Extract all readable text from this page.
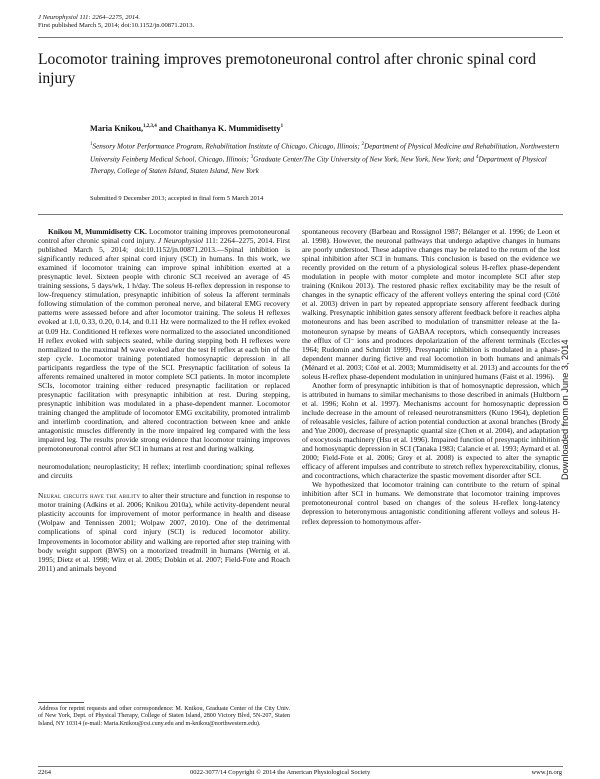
J Neurophysiol 111: 2264–2275, 2014.
First published March 5, 2014; doi:10.1152/jn.00871.2013.
Locomotor training improves premotoneuronal control after chronic spinal cord injury
Maria Knikou,$^{1,2,3,4}$ and Chaithanya K. Mummidisetty$^1$
$^1$Sensory Motor Performance Program, Rehabilitation Institute of Chicago, Chicago, Illinois; $^2$Department of Physical Medicine and Rehabilitation, Northwestern University Feinberg Medical School, Chicago, Illinois; $^3$Graduate Center/The City University of New York, New York, New York; and $^4$Department of Physical Therapy, College of Staten Island, Staten Island, New York
Submitted 9 December 2013; accepted in final form 5 March 2014

Knikou M, Mummidisetty CK. Locomotor training improves premotoneuronal control after chronic spinal cord injury. J Neurophysiol 111: 2264–2275, 2014. First published March 5, 2014; doi:10.1152/jn.00871.2013.—Spinal inhibition is significantly reduced after spinal cord injury (SCI) in humans. In this work, we examined if locomotor training can improve spinal inhibition exerted at a presynaptic level. Sixteen people with chronic SCI received an average of 45 training sessions, 5 days/wk, 1 h/day. The soleus H-reflex depression in response to low-frequency stimulation, presynaptic inhibition of soleus Ia afferent terminals following stimulation of the common peroneal nerve, and bilateral EMG recovery patterns were assessed before and after locomotor training. The soleus H reflexes evoked at 1.0, 0.33, 0.20, 0.14, and 0.11 Hz were normalized to the H reflex evoked at 0.09 Hz. Conditioned H reflexes were normalized to the associated unconditioned H reflex evoked with subjects seated, while during stepping both H reflexes were normalized to the maximal M wave evoked after the test H reflex at each bin of the step cycle. Locomotor training potentiated homosynaptic depression in all participants regardless the type of the SCI. Presynaptic facilitation of soleus Ia afferents remained unaltered in motor complete SCI patients. In motor incomplete SCIs, locomotor training either reduced presynaptic facilitation or replaced presynaptic facilitation with presynaptic inhibition at rest. During stepping, presynaptic inhibition was modulated in a phase-dependent manner. Locomotor training changed the amplitude of locomotor EMG excitability, promoted intralimb and interlimb coordination, and altered cocontraction between knee and ankle antagonistic muscles differently in the more impaired leg compared with the less impaired leg. The results provide strong evidence that locomotor training improves premotoneuronal control after SCI in humans at rest and during walking.

neuromodulation; neuroplasticity; H reflex; interlimb coordination; spinal reflexes and circuits

Neural circuits have the ability to alter their structure and function in response to motor training (Adkins et al. 2006; Knikou 2010a), while activity-dependent neural plasticity accounts for improvement of motor performance in health and disease (Wolpaw and Tennissen 2001; Wolpaw 2007, 2010). One of the detrimental complications of spinal cord injury (SCI) is reduced locomotor ability. Improvements in locomotor ability and walking are reported after step training with body weight support (BWS) on a motorized treadmill in humans (Wernig et al. 1995; Dietz et al. 1998; Wirz et al. 2005; Dobkin et al. 2007; Field-Fote and Roach 2011) and animals beyond

Address for reprint requests and other correspondence: M. Knikou, Graduate Center of the City Univ. of New York, Dept. of Physical Therapy, College of Staten Island, 2800 Victory Blvd, 5N-207, Staten Island, NY 10314 (e-mail: Maria.Knikou@csi.cuny.edu and m-knikou@northwestern.edu).

spontaneous recovery (Barbeau and Rossignol 1987; Bélanger et al. 1996; de Leon et al. 1998). However, the neuronal pathways that undergo adaptive changes in humans are poorly understood. These adaptive changes may be related to the return of the lost spinal inhibition after SCI in humans. This conclusion is based on the evidence we recently provided on the return of a physiological soleus H-reflex phase-dependent modulation in people with motor complete and motor incomplete SCI after step training (Knikou 2013). The restored phasic reflex excitability may be the result of changes in the synaptic efficacy of the afferent volleys entering the spinal cord (Côté et al. 2003) driven in part by repeated appropriate sensory afferent feedback during walking. Presynaptic inhibition gates sensory afferent feedback before it reaches alpha motoneurons and has been ascribed to modulation of transmitter release at the Ia-motoneuron synapse by means of GABAA receptors, which consequently increases the efflux of Cl⁻ ions and produces depolarization of the afferent terminals (Eccles 1964; Rudomin and Schmidt 1999). Presynaptic inhibition is modulated in a phase-dependent manner during fictive and real locomotion in both humans and animals (Ménard et al. 2003; Côté et al. 2003; Mummidisetty et al. 2013) and accounts for the soleus H-reflex phase-dependent modulation in uninjured humans (Faist et al. 1996).

Another form of presynaptic inhibition is that of homosynaptic depression, which is attributed in humans to similar mechanisms to those described in animals (Hultborn et al. 1996; Kohn et al. 1997). Mechanisms account for homosynaptic depression include decrease in the amount of released neurotransmitters (Kuno 1964), depletion of releasable vesicles, failure of action potential conduction at axonal branches (Brody and Yue 2000), decrease of presynaptic quantal size (Chen et al. 2004), and adaptation of exocytosis machinery (Hsu et al. 1996). Impaired function of presynaptic inhibition and homosynaptic depression in SCI (Tanaka 1983; Calancie et al. 1993; Aymard et al. 2000; Field-Fote et al. 2006; Grey et al. 2008) is expected to alter the synaptic efficacy of afferent impulses and contribute to stretch reflex hyperexcitability, clonus, and cocontractions, which characterize the spastic movement disorder after SCI.

We hypothesized that locomotor training can contribute to the return of spinal inhibition after SCI in humans. We demonstrate that locomotor training improves premotoneuronal control based on changes of the soleus H-reflex long-latency depression to heteronymous antagonistic conditioning afferent volleys and soleus H-reflex depression to homonymous affer-

2264	0022-3077/14 Copyright © 2014 the American Physiological Society	www.jn.org
Downloaded from on June 3, 2014
